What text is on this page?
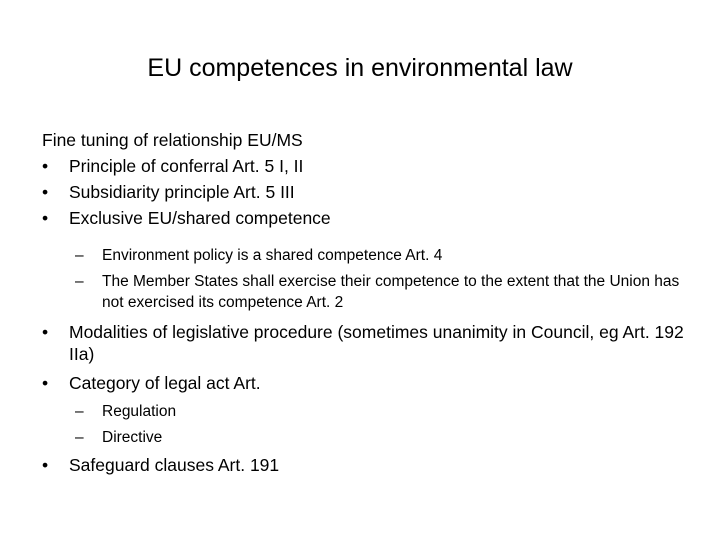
EU competences in environmental law
Fine tuning of relationship EU/MS
• Principle of conferral Art. 5 I, II
• Subsidiarity principle Art. 5 III
• Exclusive EU/shared competence
– Environment policy is a shared competence Art. 4
– The Member States shall exercise their competence to the extent that the Union has not exercised its competence Art. 2
• Modalities of legislative procedure (sometimes unanimity in Council, eg Art. 192 IIa)
• Category of legal act Art.
– Regulation
– Directive
• Safeguard clauses Art. 191
